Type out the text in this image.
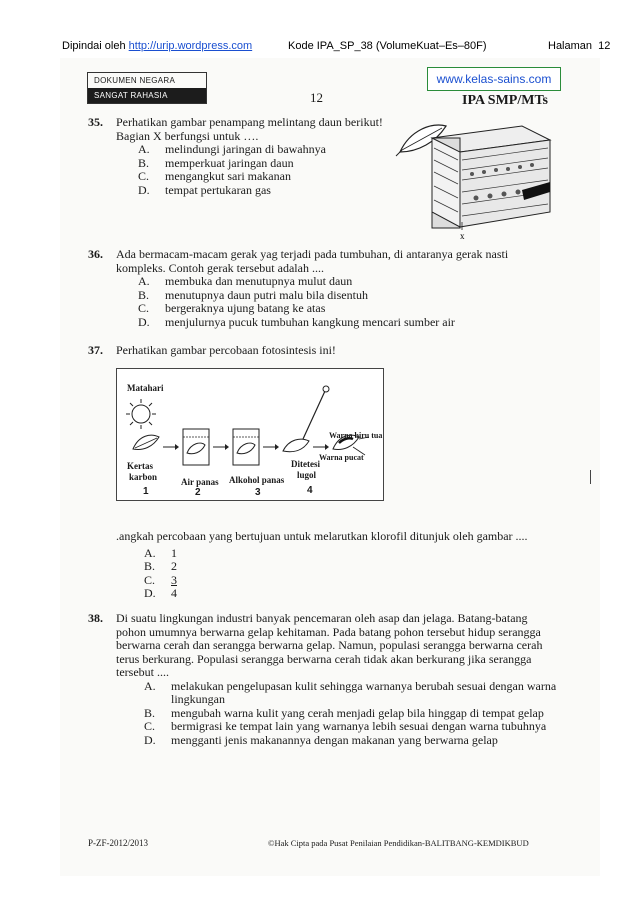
Dipindai oleh http://urip.wordpress.com	Kode IPA_SP_38 (VolumeKuat–Es–80F)	Halaman 12
DOKUMEN NEGARA
SANGAT RAHASIA	12
www.kelas-sains.com
IPA SMP/MTs
35. Perhatikan gambar penampang melintang daun berikut!
Bagian X berfungsi untuk ….
A.	melindungi jaringan di bawahnya
B.	memperkuat jaringan daun
C.	mengangkut sari makanan
D.	tempat pertukaran gas
x
36. Ada bermacam-macam gerak yag terjadi pada tumbuhan, di antaranya gerak nasti
kompleks. Contoh gerak tersebut adalah ....
A.	membuka dan menutupnya mulut daun
B.	menutupnya daun putri malu bila disentuh
C.	bergeraknya ujung batang ke atas
D.	menjulurnya pucuk tumbuhan kangkung mencari sumber air
37. Perhatikan gambar percobaan fotosintesis ini!
Matahari
Kertas
karbon	Air panas Alkohol panas
Ditetesi
lugol
Warna biru tua
Warna pucat
1	2	3	4
.angkah percobaan yang bertujuan untuk melarutkan klorofil ditunjuk oleh gambar ....
A.	1
B.	2
C.	3
D.	4
38. Di suatu lingkungan industri banyak pencemaran oleh asap dan jelaga. Batang-batang
pohon umumnya berwarna gelap kehitaman. Pada batang pohon tersebut hidup serangga
berwarna cerah dan serangga berwarna gelap. Namun, populasi serangga berwarna cerah
terus berkurang. Populasi serangga berwarna cerah tidak akan berkurang jika serangga
tersebut ....
A.	melakukan pengelupasan kulit sehingga warnanya berubah sesuai dengan warna
lingkungan
B.	mengubah warna kulit yang cerah menjadi gelap bila hinggap di tempat gelap
C.	bermigrasi ke tempat lain yang warnanya lebih sesuai dengan warna tubuhnya
D.	mengganti jenis makanannya dengan makanan yang berwarna gelap
P-ZF-2012/2013	©Hak Cipta pada Pusat Penilaian Pendidikan-BALITBANG-KEMDIKBUD
